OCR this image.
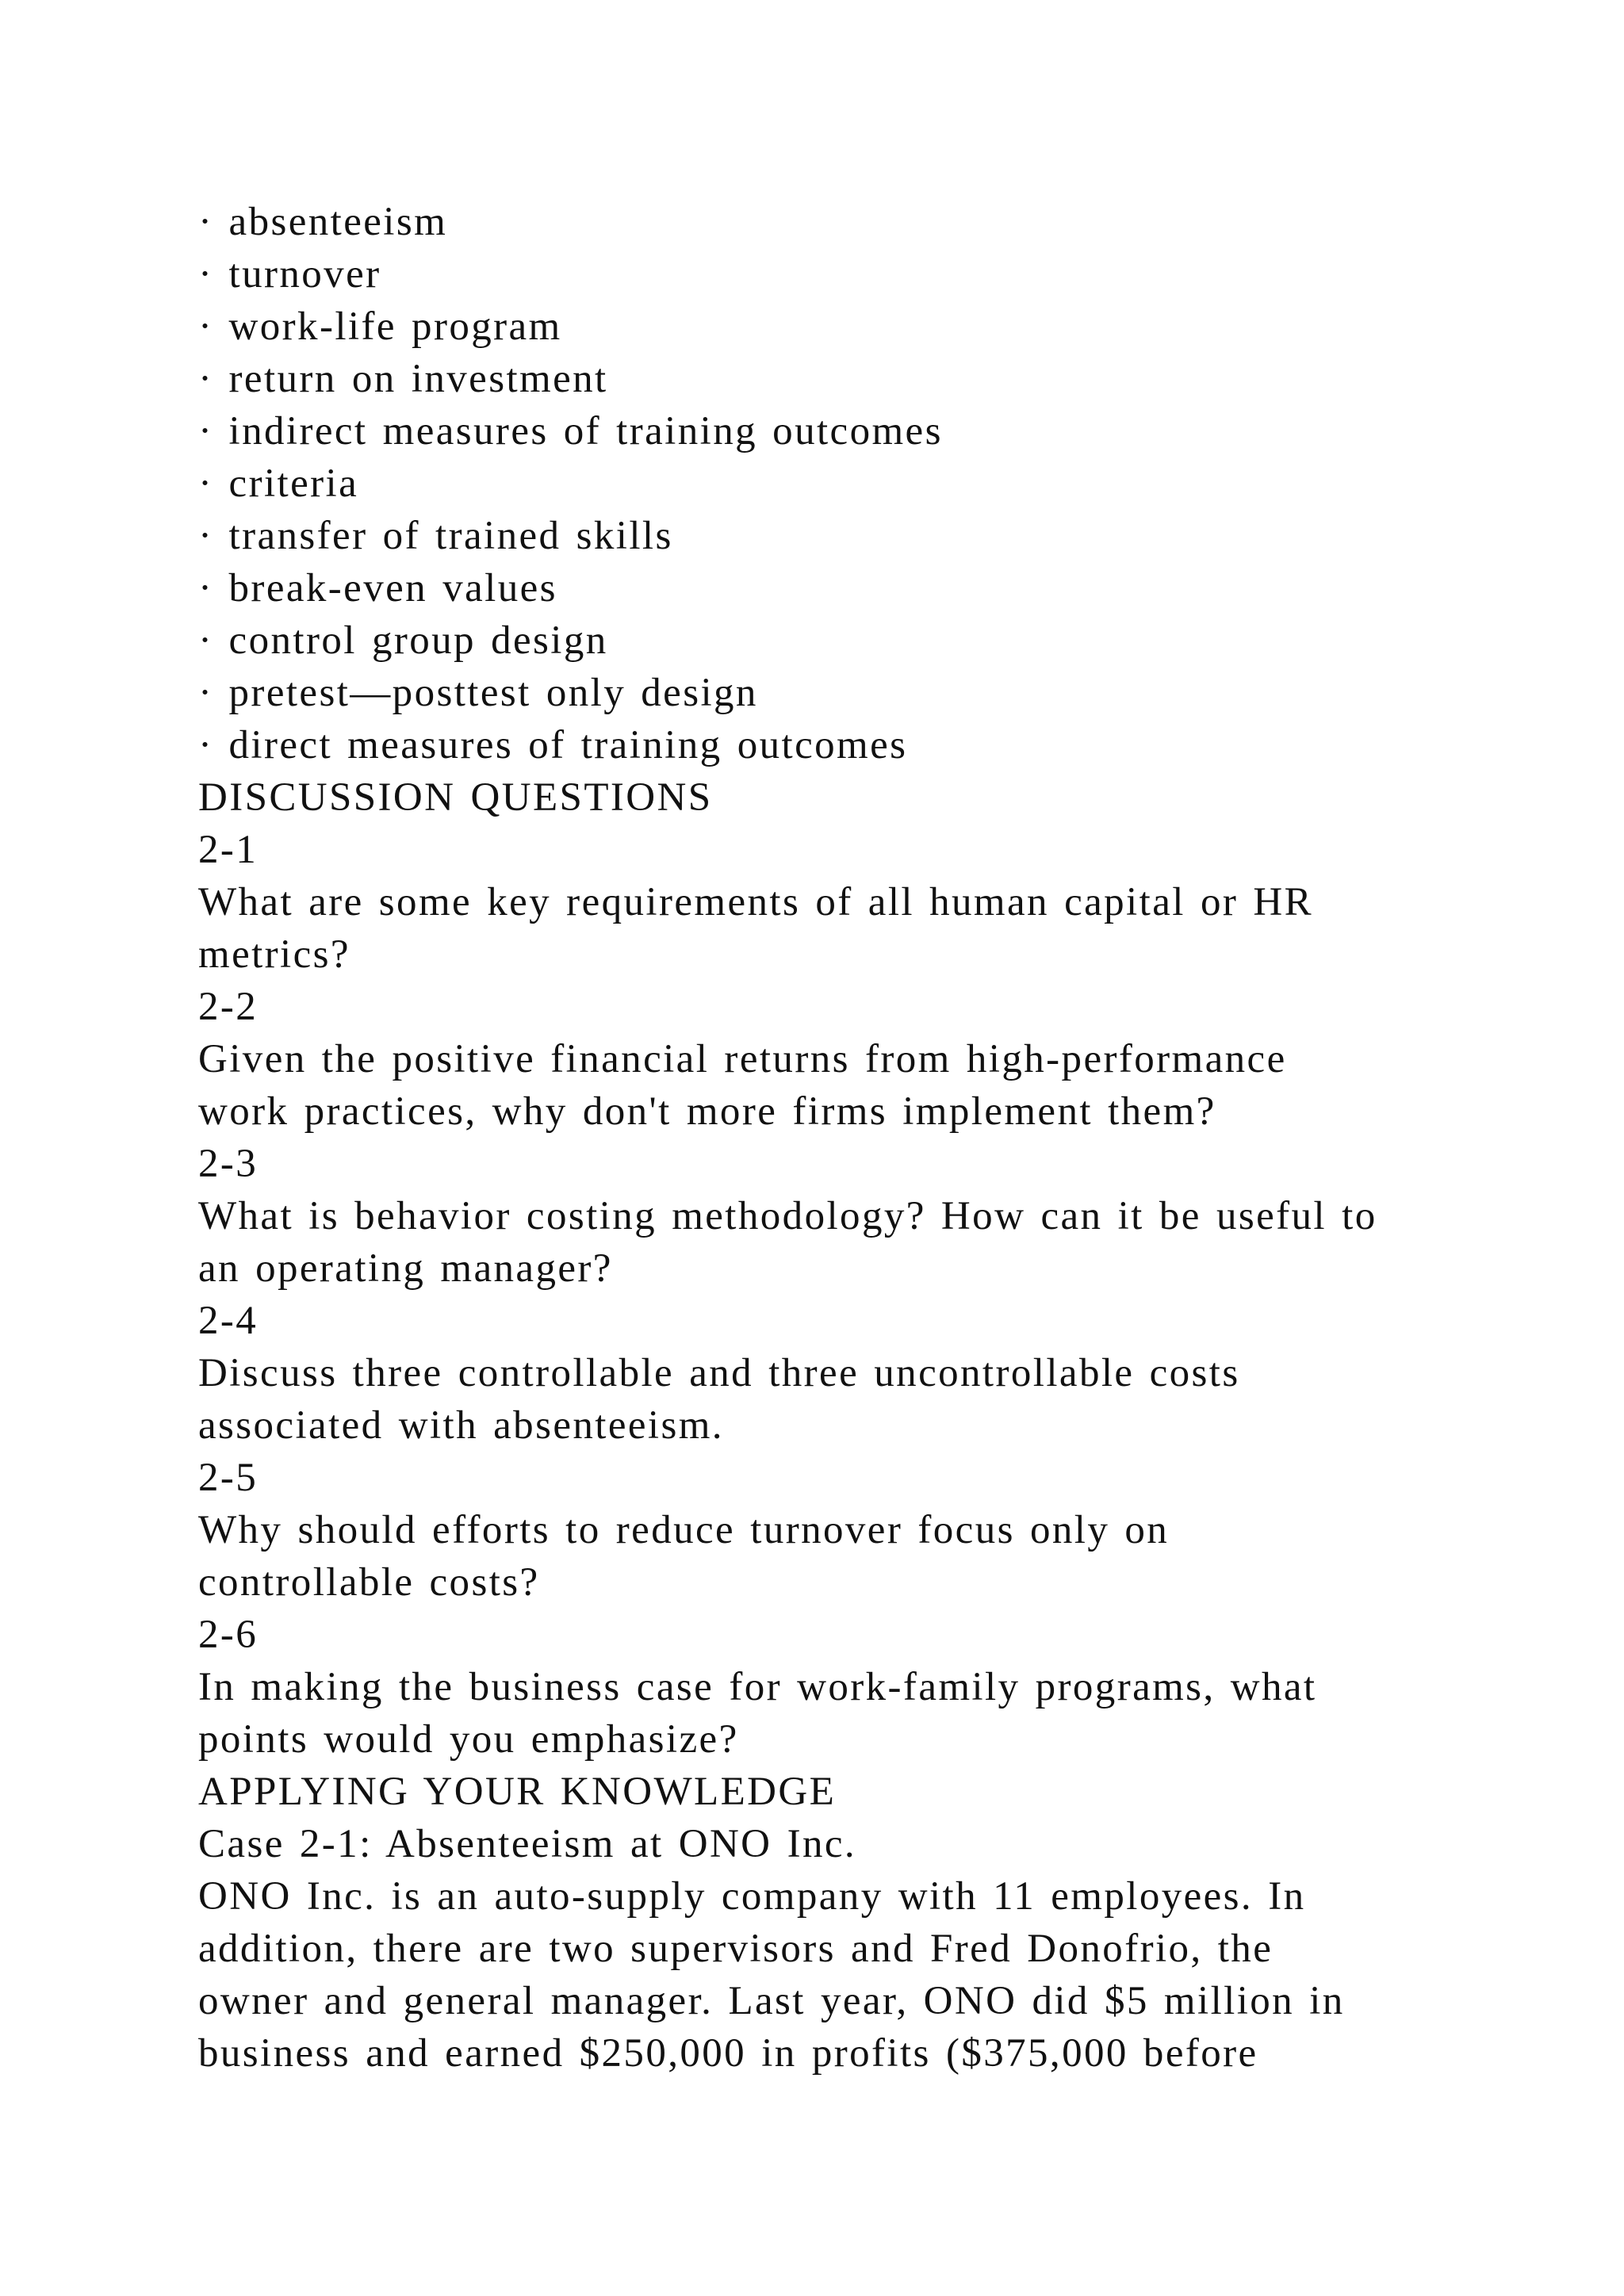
· absenteeism
· turnover
· work-life program
· return on investment
· indirect measures of training outcomes
· criteria
· transfer of trained skills
· break-even values
· control group design
· pretest—posttest only design
· direct measures of training outcomes
DISCUSSION QUESTIONS
2-1
What are some key requirements of all human capital or HR
metrics?
2-2
Given the positive financial returns from high-performance
work practices, why don't more firms implement them?
2-3
What is behavior costing methodology? How can it be useful to
an operating manager?
2-4
Discuss three controllable and three uncontrollable costs
associated with absenteeism.
2-5
Why should efforts to reduce turnover focus only on
controllable costs?
2-6
In making the business case for work-family programs, what
points would you emphasize?
APPLYING YOUR KNOWLEDGE
Case 2-1: Absenteeism at ONO Inc.
ONO Inc. is an auto-supply company with 11 employees. In
addition, there are two supervisors and Fred Donofrio, the
owner and general manager. Last year, ONO did $5 million in
business and earned $250,000 in profits ($375,000 before
